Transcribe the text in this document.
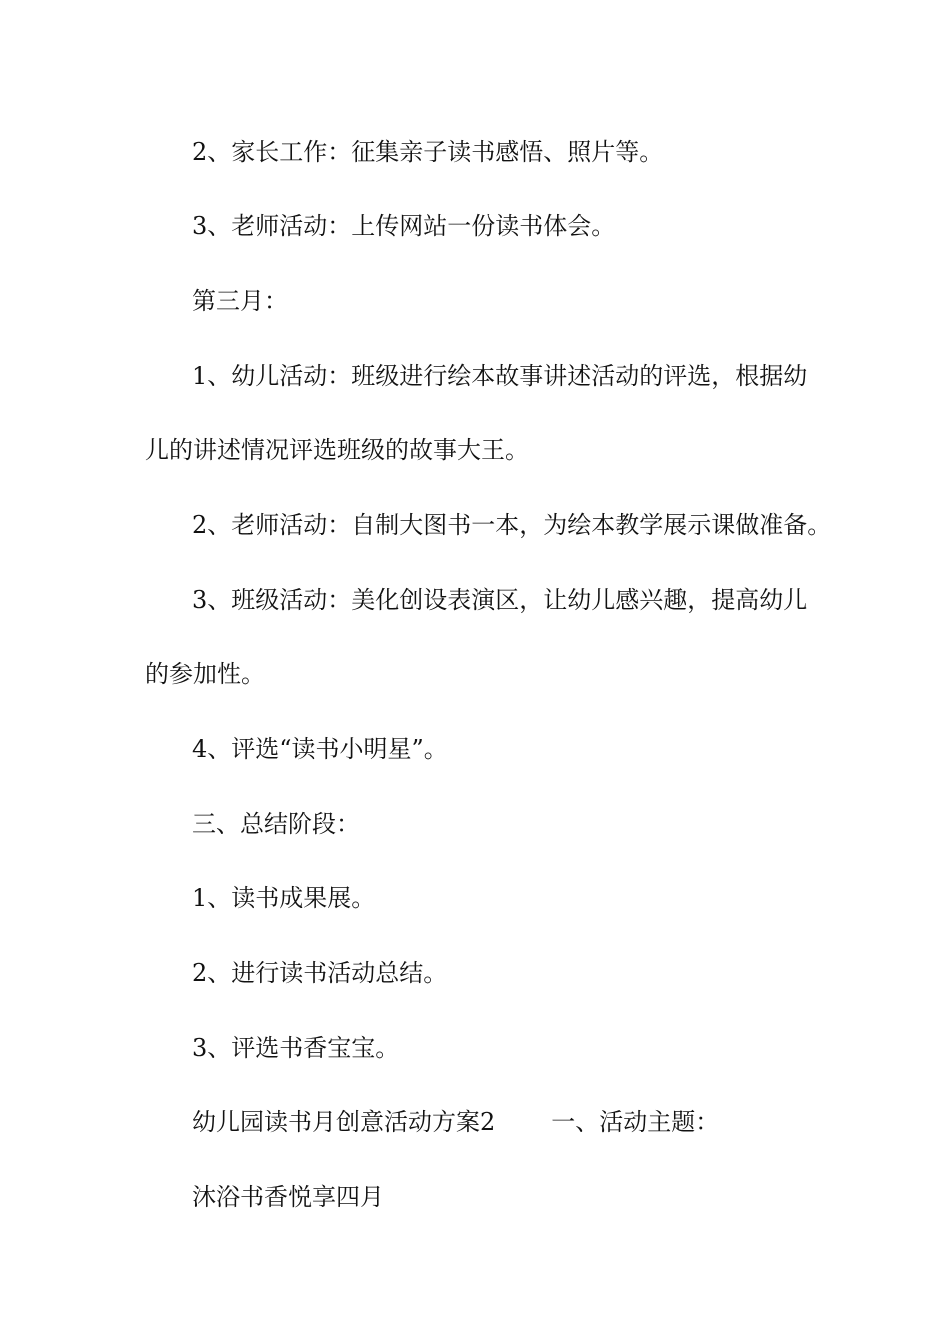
2、家长工作：征集亲子读书感悟、照片等。
3、老师活动：上传网站一份读书体会。
第三月：
1、幼儿活动：班级进行绘本故事讲述活动的评选，根据幼
儿的讲述情况评选班级的故事大王。
2、老师活动：自制大图书一本，为绘本教学展示课做准备。
3、班级活动：美化创设表演区，让幼儿感兴趣，提高幼儿
的参加性。
4、评选“读书小明星”。
三、总结阶段：
1、读书成果展。
2、进行读书活动总结。
3、评选书香宝宝。
幼儿园读书月创意活动方案2 一、活动主题：
沐浴书香悦享四月
